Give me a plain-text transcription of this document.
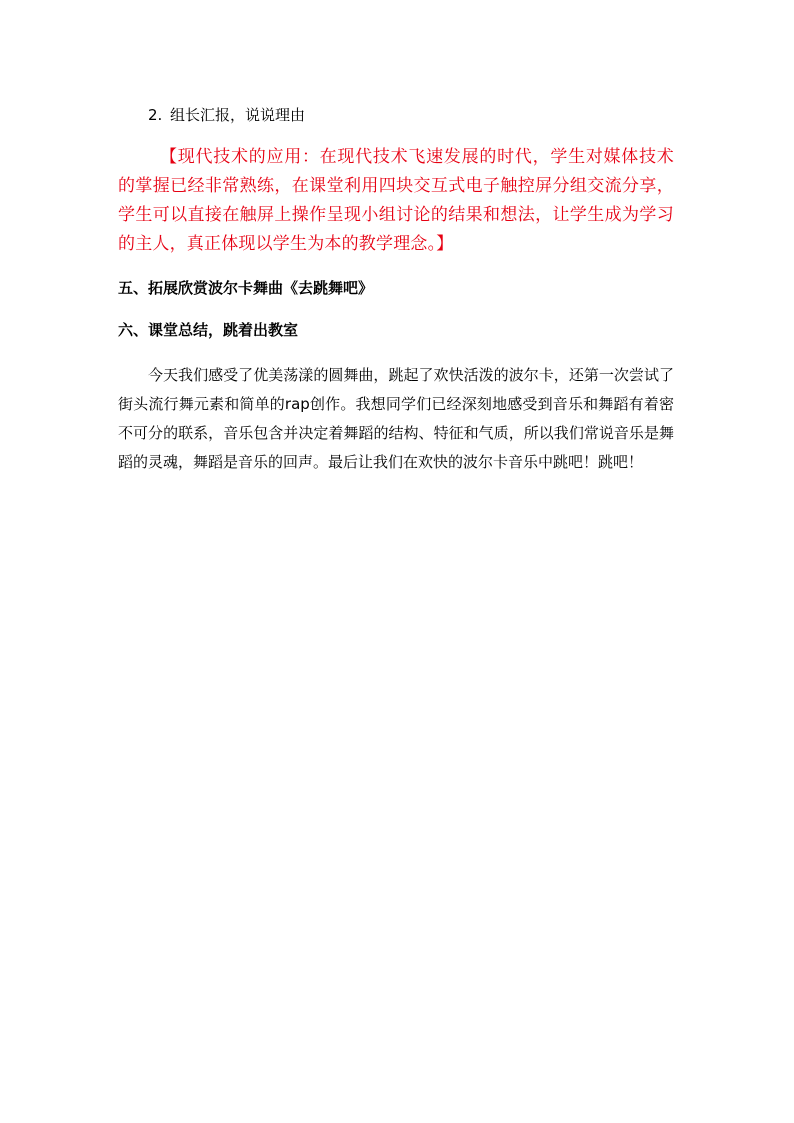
2. 组长汇报，说说理由
【现代技术的应用：在现代技术飞速发展的时代，学生对媒体技术的掌握已经非常熟练，在课堂利用四块交互式电子触控屏分组交流分享，学生可以直接在触屏上操作呈现小组讨论的结果和想法，让学生成为学习的主人，真正体现以学生为本的教学理念。】
五、拓展欣赏波尔卡舞曲《去跳舞吧》
六、课堂总结，跳着出教室
今天我们感受了优美荡漾的圆舞曲，跳起了欢快活泼的波尔卡，还第一次尝试了街头流行舞元素和简单的rap创作。我想同学们已经深刻地感受到音乐和舞蹈有着密不可分的联系，音乐包含并决定着舞蹈的结构、特征和气质，所以我们常说音乐是舞蹈的灵魂，舞蹈是音乐的回声。最后让我们在欢快的波尔卡音乐中跳吧！跳吧！
